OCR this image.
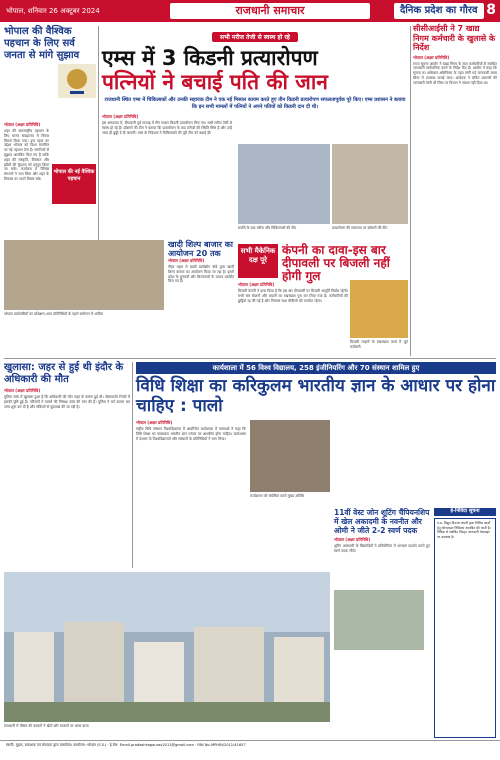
भोपाल, शनिवार 26 अक्टूबर 2024	राजधानी समाचार	दैनिक प्रदेश का गौरव 8
भोपाल की वैश्विक पहचान के लिए सर्व जनता से मांगे सुझाव
भोपाल (अक्षर प्रतिनिधि)
शहर की अंतरराष्ट्रीय पहचान के लिए मानव संग्रहालय में विचार विमर्श किया गया। इस पहल का उद्देश्य भोपाल को विश्व मानचित्र पर नई पहचान देना है। नागरिकों से सुझाव आमंत्रित किए गए हैं ताकि शहर की संस्कृति, विरासत और झीलों की सुंदरता को प्रस्तुत किया जा सके। कार्यक्रम में विभिन्न संगठनों ने भाग लिया और शहर के विकास पर अपने विचार रखे।
भोपाल की नई वैश्विक पहचान
सभी मरीज तेजी से स्वस्थ हो रहे
एम्स में 3 किडनी प्रत्यारोपण
पत्नियों ने बचाई पति की जान
राजधानी स्थित एम्स में चिकित्सकों और उनकी सहायक टीम ने एक नई मिसाल कायम करते हुए तीन किडनी प्रत्यारोपण सफलतापूर्वक पूरे किए। एम्स प्रशासन ने बताया कि इन सभी मामलों में पत्नियों ने अपने पतियों को किडनी दान दी थी।
भोपाल (अक्षर प्रतिनिधि)
इस अस्पताल में, दीपावली पूर्व सप्ताह में तीन सफल किडनी प्रत्यारोपण किए गए। सभी मरीज तेजी से स्वस्थ हो रहे हैं। डॉक्टरों की टीम ने बताया कि प्रत्यारोपण के बाद मरीजों की स्थिति स्थिर है और उन्हें जल्द ही छुट्टी दे दी जाएगी। एम्स के निदेशक ने चिकित्सकों की पूरी टीम को बधाई दी।
सर्जरी के बाद मरीज और चिकित्सकों की टीम	प्रत्यारोपण की सफलता पर डॉक्टरों की टीम
सीसीआईसी ने 7 खाद्य निगम कर्मचारी के खुलासे के निर्देश
भोपाल (अक्षर प्रतिनिधि)
राज्य सूचना आयोग ने खाद्य निगम के सात कर्मचारियों से संबंधित जानकारी सार्वजनिक करने के निर्देश दिए हैं। आयोग ने कहा कि सूचना का अधिकार अधिनियम के तहत मांगी गई जानकारी समय सीमा में उपलब्ध कराई जाए। आवेदक ने लंबित प्रकरणों की जानकारी मांगी थी जिस पर विभाग ने जवाब नहीं दिया था।
खादी शिल्प बाजार का आयोजन 20 तक
भोपाल (अक्षर प्रतिनिधि)
गौहर महल में खादी ग्रामोद्योग बोर्ड द्वारा खादी शिल्प बाजार का आयोजन किया जा रहा है। इसमें प्रदेश के बुनकरों और शिल्पकारों के उत्पाद प्रदर्शित किए गए हैं।
भोपाल वार्डवासियों का प्रशिक्षण-आम प्रतिनिधियों के पहले सम्मेलन में शामिल
सभी मैकेनिक दक्ष पूरे
कंपनी का दावा-इस बार दीपावली पर बिजली नहीं होगी गुल
भोपाल (अक्षर प्रतिनिधि)
बिजली कंपनी ने दावा किया है कि इस बार दीपावली पर बिजली आपूर्ति निर्बाध रहेगी। सभी सब स्टेशनों और लाइनों का रखरखाव पूरा कर लिया गया है। कर्मचारियों की छुट्टियां रद्द की गई हैं और नियंत्रण कक्ष चौबीसों घंटे कार्यरत रहेगा।
बिजली लाइनों के रखरखाव कार्य में जुटे कर्मचारी
खुलासा: जहर से हुई थी इंदौर के अधिकारी की मौत
भोपाल (अक्षर प्रतिनिधि)
पुलिस जांच में खुलासा हुआ है कि अधिकारी की मौत जहर के कारण हुई थी। पोस्टमार्टम रिपोर्ट में इसकी पुष्टि हुई है। परिजनों ने मामले की निष्पक्ष जांच की मांग की है। पुलिस ने मर्ग कायम कर जांच शुरू कर दी है और संदिग्धों से पूछताछ की जा रही है।
कार्यशाला में 56 विश्व विद्यालय, 258 इंजीनियरिंग और 70 संस्थान शामिल हुए
विधि शिक्षा का करिकुलम भारतीय ज्ञान के आधार पर होना चाहिए : पालो
भोपाल (अक्षर प्रतिनिधि)
राष्ट्रीय विधि संस्थान विश्वविद्यालय में आयोजित कार्यशाला में वक्ताओं ने कहा कि विधि शिक्षा का पाठ्यक्रम भारतीय ज्ञान परंपरा पर आधारित होना चाहिए। कार्यशाला में देशभर के विश्वविद्यालयों और संस्थानों के प्रतिनिधियों ने भाग लिया।
कार्यशाला को संबोधित करते मुख्य अतिथि
11वीं वेस्ट जोन शूटिंग चैंपियनशिप में खेल अकादमी के नवनीत और ओमी ने जीते 2-2 स्वर्ण पदक
भोपाल (अक्षर प्रतिनिधि)
शूटिंग अकादमी के खिलाड़ियों ने प्रतियोगिता में शानदार प्रदर्शन करते हुए स्वर्ण पदक जीते।
ई-निविदा सूचना
म.प्र. विद्युत वितरण कंपनी द्वारा विभिन्न कार्यों हेतु ऑनलाइन निविदाएं आमंत्रित की जाती हैं। निविदा से संबंधित विस्तृत जानकारी वेबसाइट पर उपलब्ध है।
राजधानी में मौसम की करवटों ने खेतों और बाजारों पर असर डाला
स्वामी, मुद्रक, प्रकाशक एवं संपादक द्वारा प्रकाशित। कार्यालय: भोपाल (म.प्र.) · ई-मेल: Email-pradeshkagaurav2011@gmail.com · RNI No-MPHIN/2011/41657
